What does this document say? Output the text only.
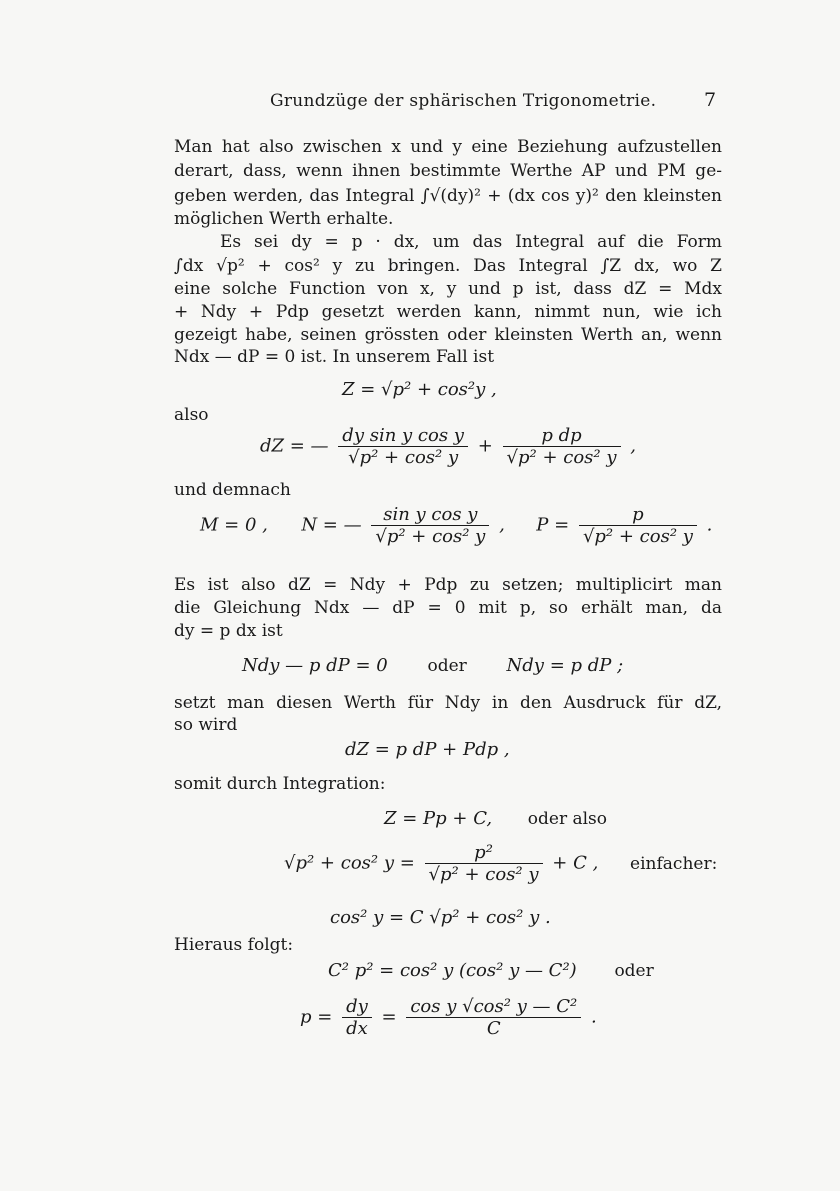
Grundzüge der sphärischen Trigonometrie.	7
Man hat also zwischen x und y eine Beziehung aufzustellen
derart, dass, wenn ihnen bestimmte Werthe AP und PM ge-
geben werden, das Integral ∫√(dy)² + (dx cos y)² den kleinsten
möglichen Werth erhalte.
Es sei dy = p · dx, um das Integral auf die Form
∫dx √p² + cos² y zu bringen. Das Integral ∫Z dx, wo Z
eine solche Function von x, y und p ist, dass dZ = Mdx
+ Ndy + Pdp gesetzt werden kann, nimmt nun, wie ich
gezeigt habe, seinen grössten oder kleinsten Werth an, wenn
Ndx — dP = 0 ist. In unserem Fall ist
Z = √p² + cos²y ,
also
dZ = — $\frac{\text{dy sin y cos y}}{\text{√p² + cos² y}} + \frac{\text{p dp}}{\text{√p² + cos² y}}$ ,
und demnach
M = 0 , N = — $\frac{\text{sin y cos y}}{\text{√p² + cos² y}}$ , $P = \frac{p}{\text{√p² + cos² y}}$ .
Es ist also dZ = Ndy + Pdp zu setzen; multiplicirt man
die Gleichung Ndx — dP = 0 mit p, so erhält man, da
dy = p dx ist
Ndy — p dP = 0 oder Ndy = p dP ;
setzt man diesen Werth für Ndy in den Ausdruck für dZ,
so wird
dZ = p dP + Pdp ,
somit durch Integration:
Z = Pp + C, oder also
√p² + cos² $y = \frac{\text{p²}}{\text{√p² + cos² y}} + C$ , einfacher:
cos² y = C √p² + cos² y .
Hieraus folgt:
C² p² = cos² y (cos² y — C²) oder
$p = \frac{dy}{dx} = \frac{\text{cos y √cos² y — C²}}{C}$ .
